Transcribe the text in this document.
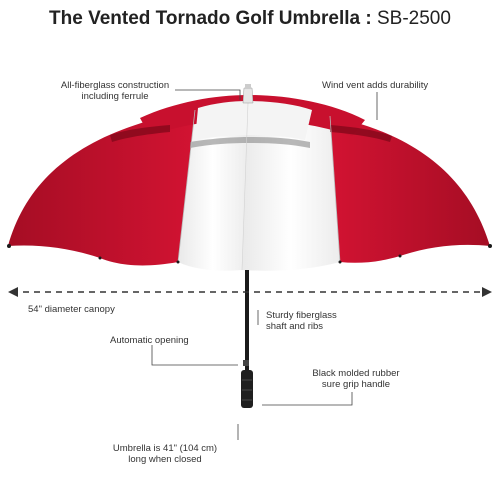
The Vented Tornado Golf Umbrella : SB-2500
All-fiberglass construction
including ferrule
Wind vent adds durability
54" diameter canopy
Sturdy fiberglass
shaft and ribs
Automatic opening
Black molded rubber
sure grip handle
Umbrella is 41" (104 cm)
long when closed
